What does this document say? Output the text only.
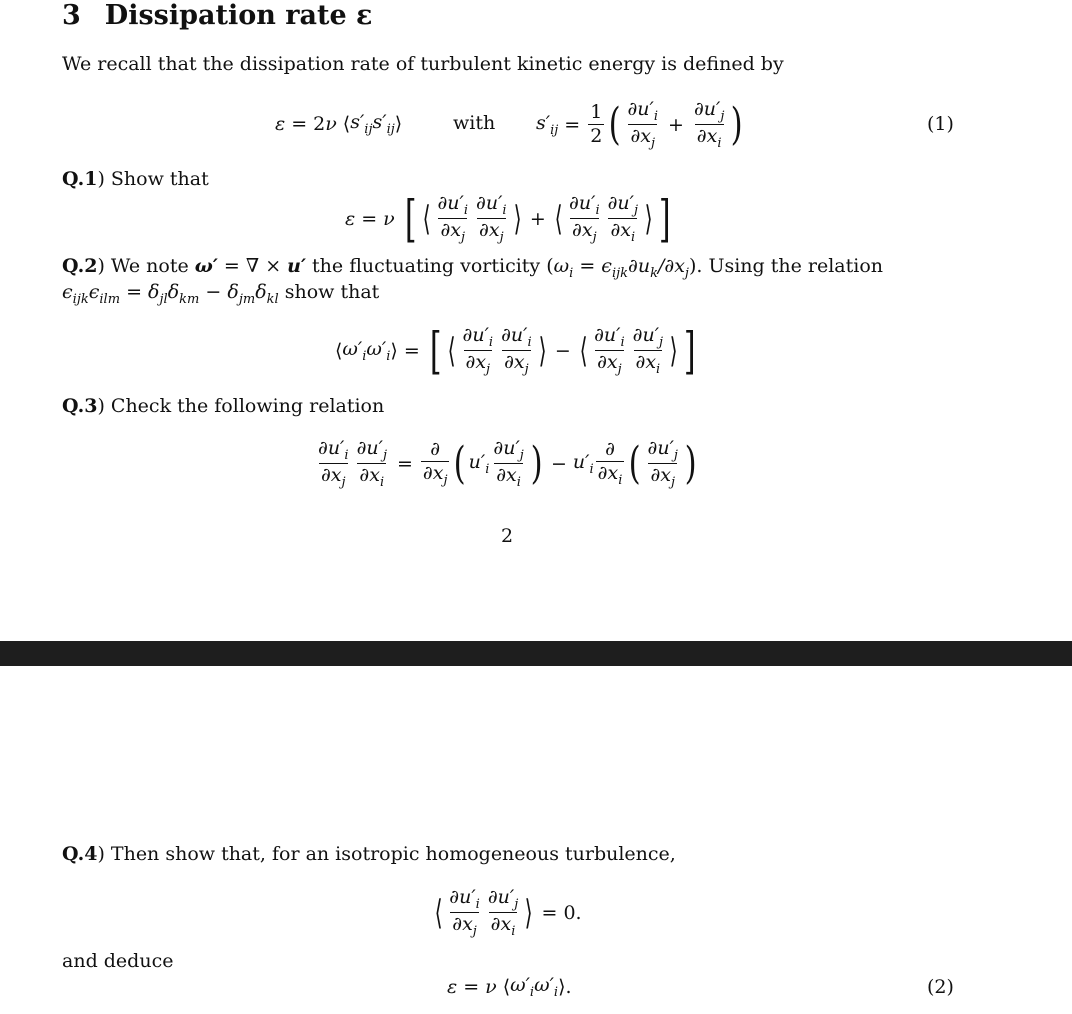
3 Dissipation rate ε
We recall that the dissipation rate of turbulent kinetic energy is defined by
ε = 2 ν ⟨ $s'_{ij}s'_{ij}$ ⟩	with $s'_{ij} = \frac{1}{2}$ ( $\frac{\partial u'_i}{\partial x_j} + \frac{\partial u'_j}{\partial x_i}$ )	(1)
Q.1) Show that
ε = ν [ ⟨ $\frac{\partial u'_i}{\partial x_j} \frac{\partial u'_i}{\partial x_j}$ ⟩ + ⟨ $\frac{\partial u'_i}{\partial x_j} \frac{\partial u'_j}{\partial x_i}$ ⟩ ]
Q.2 ) We note ω′ = ∇ × u′ the fluctuating vorticity ( $\omega_i = \epsilon_{ijk}\partial u_k/\partial x_j$ ). Using the relation
$\epsilon_{ijk}\epsilon_{ilm} = \delta_{jl}\delta_{km} - \delta_{jm}\delta_{kl}$ show that
⟨ $\omega'_i\omega'_i$ ⟩ = [ ⟨ $\frac{\partial u'_i}{\partial x_j} \frac{\partial u'_i}{\partial x_j}$ ⟩ − ⟨ $\frac{\partial u'_i}{\partial x_j} \frac{\partial u'_j}{\partial x_i}$ ⟩ ]
Q.3) Check the following relation
$\frac{\partial u'_i}{\partial x_j} \frac{\partial u'_j}{\partial x_i} = \frac{\partial}{\partial x_j}$ ( $u'_i \frac{\partial u'_j}{\partial x_i}$ ) − $u'_i \frac{\partial}{\partial x_i}$ ( $\frac{\partial u'_j}{\partial x_j}$ )
2
Q.4) Then show that, for an isotropic homogeneous turbulence,
⟨ $\frac{\partial u'_i}{\partial x_j} \frac{\partial u'_j}{\partial x_i}$ ⟩ = 0.
and deduce
ε = ν ⟨ $\omega'_i\omega'_i$ ⟩ .	(2)
